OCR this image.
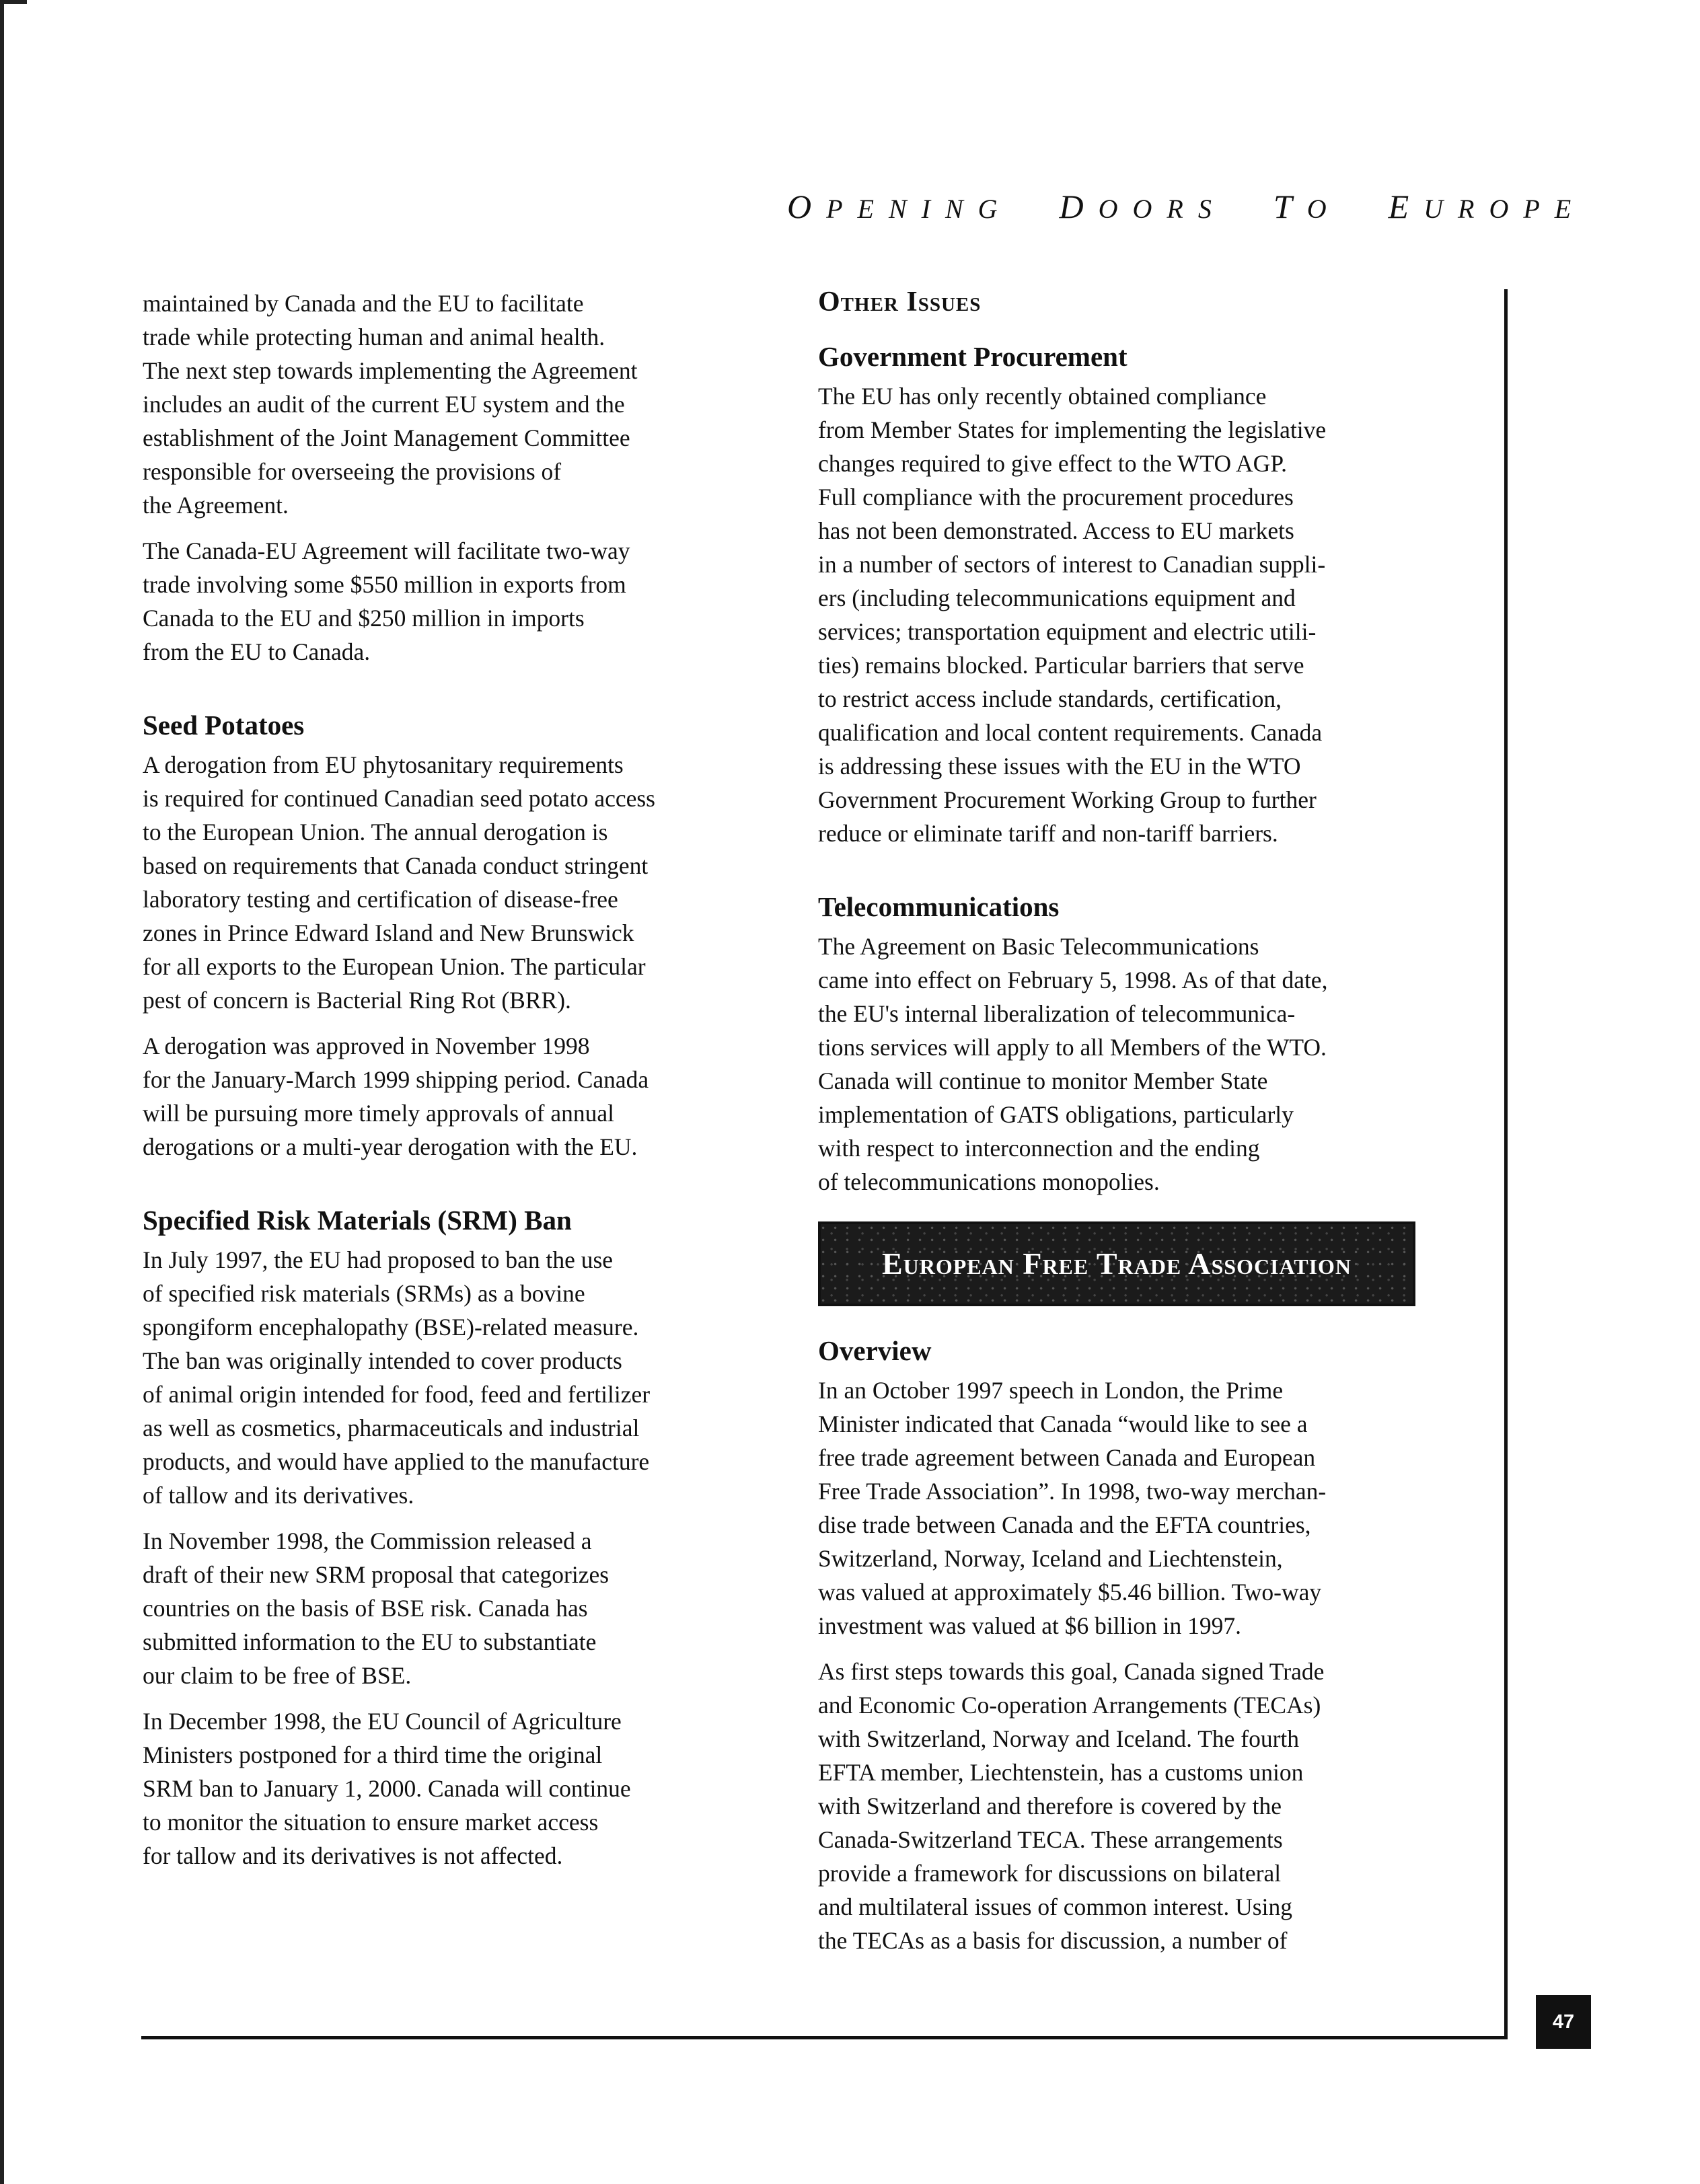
OPENING DOORS TO EUROPE

maintained by Canada and the EU to facilitate
trade while protecting human and animal health.
The next step towards implementing the Agreement
includes an audit of the current EU system and the
establishment of the Joint Management Committee
responsible for overseeing the provisions of
the Agreement.

The Canada-EU Agreement will facilitate two-way
trade involving some $550 million in exports from
Canada to the EU and $250 million in imports
from the EU to Canada.

Seed Potatoes

A derogation from EU phytosanitary requirements
is required for continued Canadian seed potato access
to the European Union. The annual derogation is
based on requirements that Canada conduct stringent
laboratory testing and certification of disease-free
zones in Prince Edward Island and New Brunswick
for all exports to the European Union. The particular
pest of concern is Bacterial Ring Rot (BRR).

A derogation was approved in November 1998
for the January-March 1999 shipping period. Canada
will be pursuing more timely approvals of annual
derogations or a multi-year derogation with the EU.

Specified Risk Materials (SRM) Ban

In July 1997, the EU had proposed to ban the use
of specified risk materials (SRMs) as a bovine
spongiform encephalopathy (BSE)-related measure.
The ban was originally intended to cover products
of animal origin intended for food, feed and fertilizer
as well as cosmetics, pharmaceuticals and industrial
products, and would have applied to the manufacture
of tallow and its derivatives.

In November 1998, the Commission released a
draft of their new SRM proposal that categorizes
countries on the basis of BSE risk. Canada has
submitted information to the EU to substantiate
our claim to be free of BSE.

In December 1998, the EU Council of Agriculture
Ministers postponed for a third time the original
SRM ban to January 1, 2000. Canada will continue
to monitor the situation to ensure market access
for tallow and its derivatives is not affected.

Other Issues
Government Procurement

The EU has only recently obtained compliance
from Member States for implementing the legislative
changes required to give effect to the WTO AGP.
Full compliance with the procurement procedures
has not been demonstrated. Access to EU markets
in a number of sectors of interest to Canadian suppli-
ers (including telecommunications equipment and
services; transportation equipment and electric utili-
ties) remains blocked. Particular barriers that serve
to restrict access include standards, certification,
qualification and local content requirements. Canada
is addressing these issues with the EU in the WTO
Government Procurement Working Group to further
reduce or eliminate tariff and non-tariff barriers.

Telecommunications

The Agreement on Basic Telecommunications
came into effect on February 5, 1998. As of that date,
the EU's internal liberalization of telecommunica-
tions services will apply to all Members of the WTO.
Canada will continue to monitor Member State
implementation of GATS obligations, particularly
with respect to interconnection and the ending
of telecommunications monopolies.

European Free Trade Association
Overview

In an October 1997 speech in London, the Prime
Minister indicated that Canada “would like to see a
free trade agreement between Canada and European
Free Trade Association”. In 1998, two-way merchan-
dise trade between Canada and the EFTA countries,
Switzerland, Norway, Iceland and Liechtenstein,
was valued at approximately $5.46 billion. Two-way
investment was valued at $6 billion in 1997.

As first steps towards this goal, Canada signed Trade
and Economic Co-operation Arrangements (TECAs)
with Switzerland, Norway and Iceland. The fourth
EFTA member, Liechtenstein, has a customs union
with Switzerland and therefore is covered by the
Canada-Switzerland TECA. These arrangements
provide a framework for discussions on bilateral
and multilateral issues of common interest. Using
the TECAs as a basis for discussion, a number of

47
